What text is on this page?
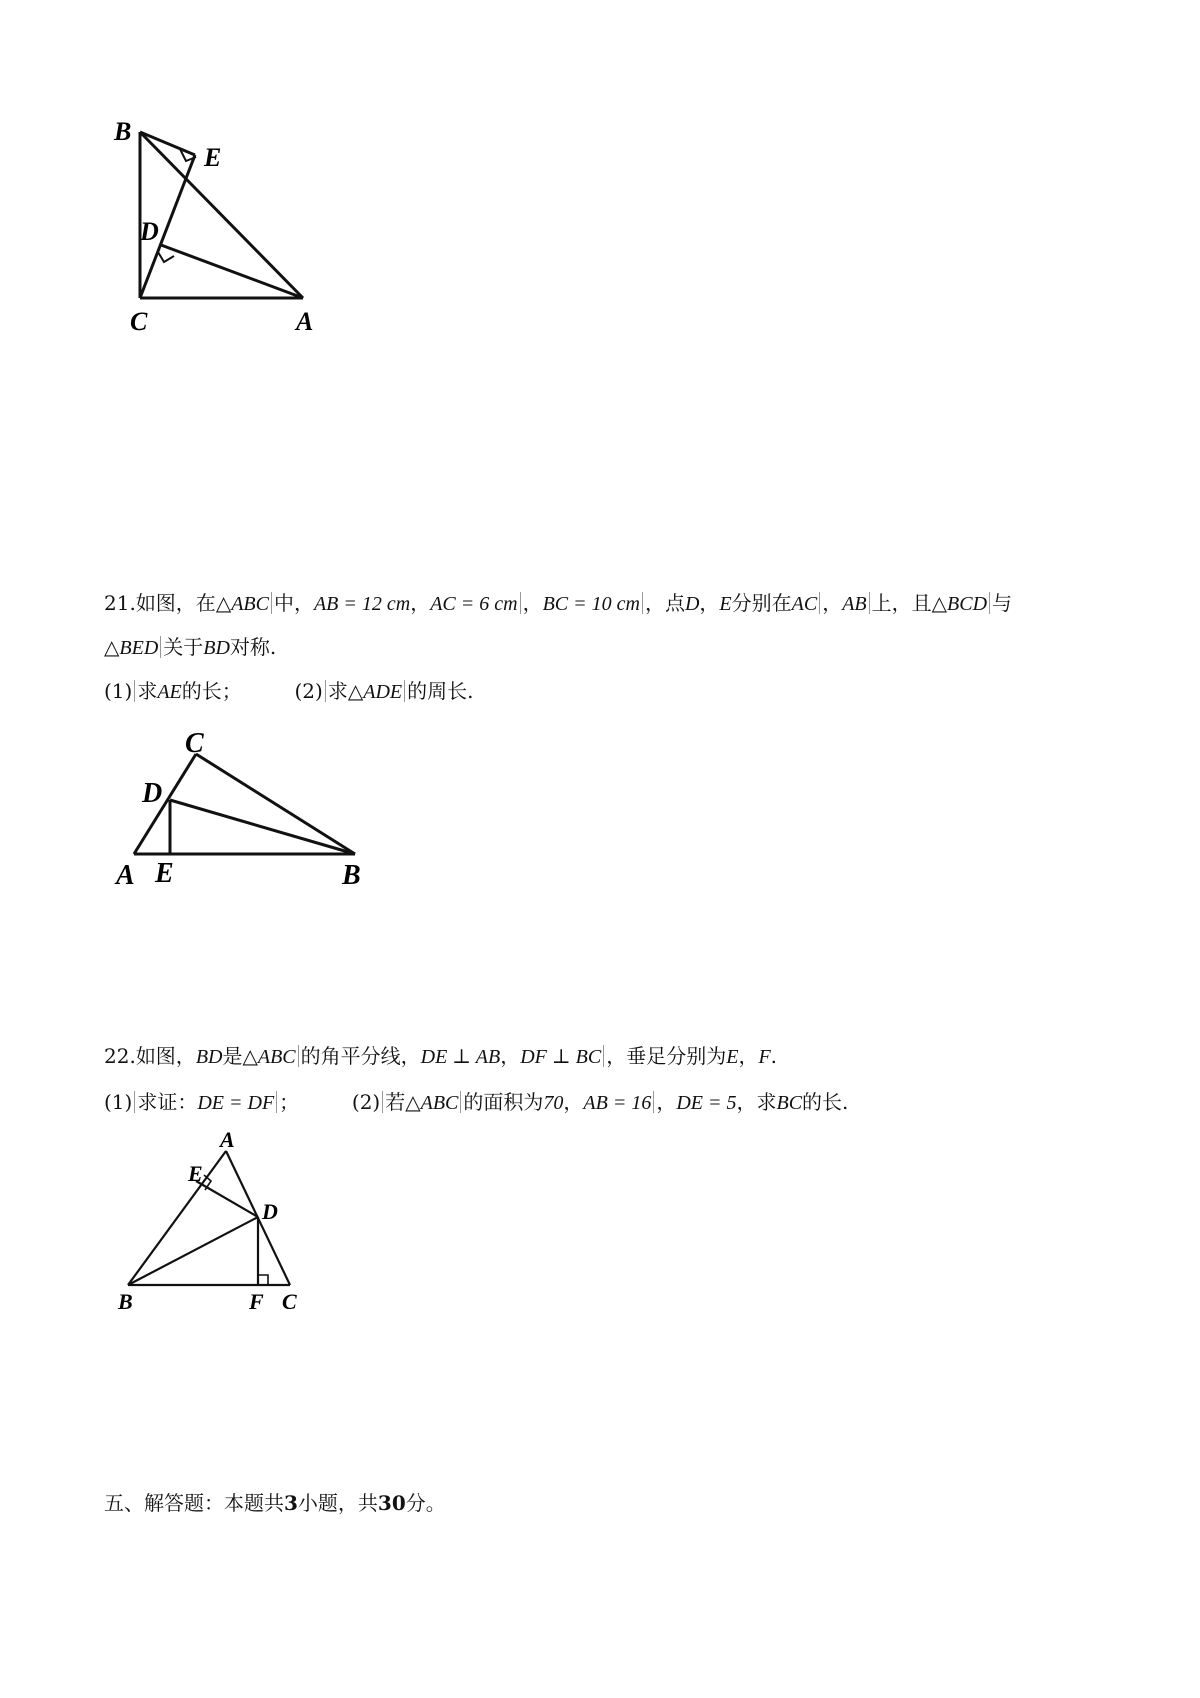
B
E
D
C	A
21.如图，在△ABC 中，AB = 12 cm，AC = 6 cm ，BC = 10 cm ，点D，E分别在AC ，AB 上，且△BCD 与
△BED 关于BD对称.
(1) 求AE的长；	(2) 求△ADE 的周长.
C
D
A E	B
22.如图，BD是△ABC 的角平分线，DE ⊥ AB，DF ⊥ BC ，垂足分别为E，F.
(1) 求证：DE = DF ；	(2) 若△ABC 的面积为70，AB = 16 ，DE = 5，求BC的长.
A
E
D
B	F C
五、解答题：本题共3小题，共30分。
